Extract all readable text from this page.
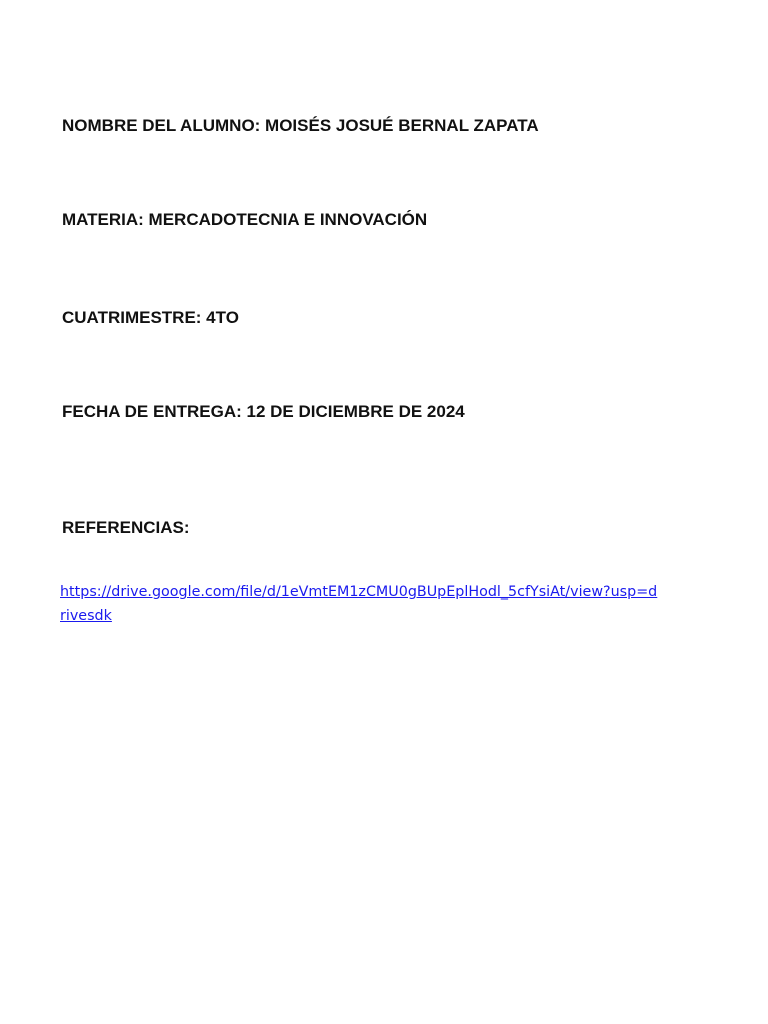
NOMBRE DEL ALUMNO: MOISÉS JOSUÉ BERNAL ZAPATA

MATERIA: MERCADOTECNIA E INNOVACIÓN

CUATRIMESTRE: 4TO

FECHA DE ENTREGA: 12 DE DICIEMBRE DE 2024

REFERENCIAS:

https://drive.google.com/file/d/1eVmtEM1zCMU0gBUpEplHodl_5cfYsiAt/view?usp=drivesdk
